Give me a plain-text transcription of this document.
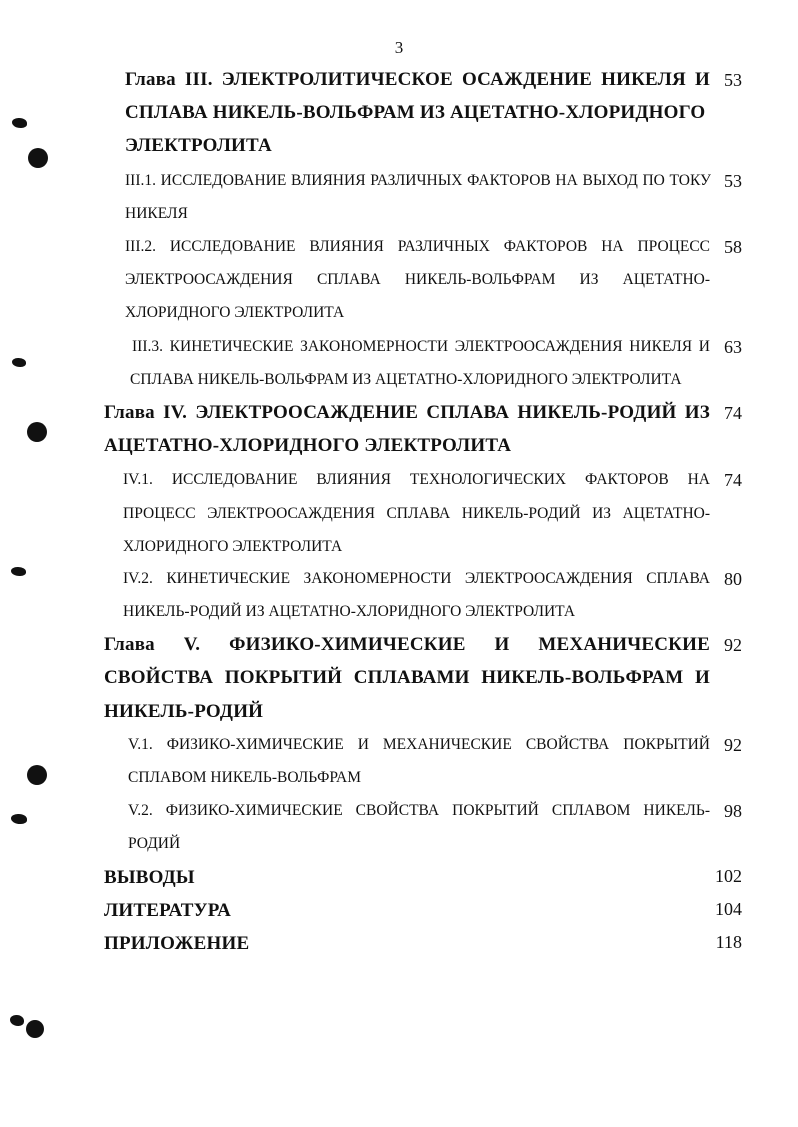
3
Глава III. ЭЛЕКТРОЛИТИЧЕСКОЕ ОСАЖДЕНИЕ НИКЕЛЯ И
СПЛАВА НИКЕЛЬ-ВОЛЬФРАМ ИЗ АЦЕТАТНО-ХЛОРИДНОГО
ЭЛЕКТРОЛИТА
53
III.1. ИССЛЕДОВАНИЕ ВЛИЯНИЯ РАЗЛИЧНЫХ ФАКТОРОВ НА ВЫХОД ПО ТОКУ
НИКЕЛЯ
53
III.2. ИССЛЕДОВАНИЕ ВЛИЯНИЯ РАЗЛИЧНЫХ ФАКТОРОВ НА ПРОЦЕСС
ЭЛЕКТРООСАЖДЕНИЯ СПЛАВА НИКЕЛЬ-ВОЛЬФРАМ ИЗ АЦЕТАТНО-
ХЛОРИДНОГО ЭЛЕКТРОЛИТА
58
III.3. КИНЕТИЧЕСКИЕ ЗАКОНОМЕРНОСТИ ЭЛЕКТРООСАЖДЕНИЯ НИКЕЛЯ И
СПЛАВА НИКЕЛЬ-ВОЛЬФРАМ ИЗ АЦЕТАТНО-ХЛОРИДНОГО ЭЛЕКТРОЛИТА
63
Глава IV. ЭЛЕКТРООСАЖДЕНИЕ СПЛАВА НИКЕЛЬ-РОДИЙ ИЗ
АЦЕТАТНО-ХЛОРИДНОГО ЭЛЕКТРОЛИТА
74
IV.1. ИССЛЕДОВАНИЕ ВЛИЯНИЯ ТЕХНОЛОГИЧЕСКИХ ФАКТОРОВ НА
ПРОЦЕСС ЭЛЕКТРООСАЖДЕНИЯ СПЛАВА НИКЕЛЬ-РОДИЙ ИЗ АЦЕТАТНО-
ХЛОРИДНОГО ЭЛЕКТРОЛИТА
74
IV.2. КИНЕТИЧЕСКИЕ ЗАКОНОМЕРНОСТИ ЭЛЕКТРООСАЖДЕНИЯ СПЛАВА
НИКЕЛЬ-РОДИЙ ИЗ АЦЕТАТНО-ХЛОРИДНОГО ЭЛЕКТРОЛИТА
80
Глава V. ФИЗИКО-ХИМИЧЕСКИЕ И МЕХАНИЧЕСКИЕ
СВОЙСТВА ПОКРЫТИЙ СПЛАВАМИ НИКЕЛЬ-ВОЛЬФРАМ И
НИКЕЛЬ-РОДИЙ
92
V.1. ФИЗИКО-ХИМИЧЕСКИЕ И МЕХАНИЧЕСКИЕ СВОЙСТВА ПОКРЫТИЙ
СПЛАВОМ НИКЕЛЬ-ВОЛЬФРАМ
92
V.2. ФИЗИКО-ХИМИЧЕСКИЕ СВОЙСТВА ПОКРЫТИЙ СПЛАВОМ НИКЕЛЬ-
РОДИЙ
98
ВЫВОДЫ	102
ЛИТЕРАТУРА	104
ПРИЛОЖЕНИЕ	118
